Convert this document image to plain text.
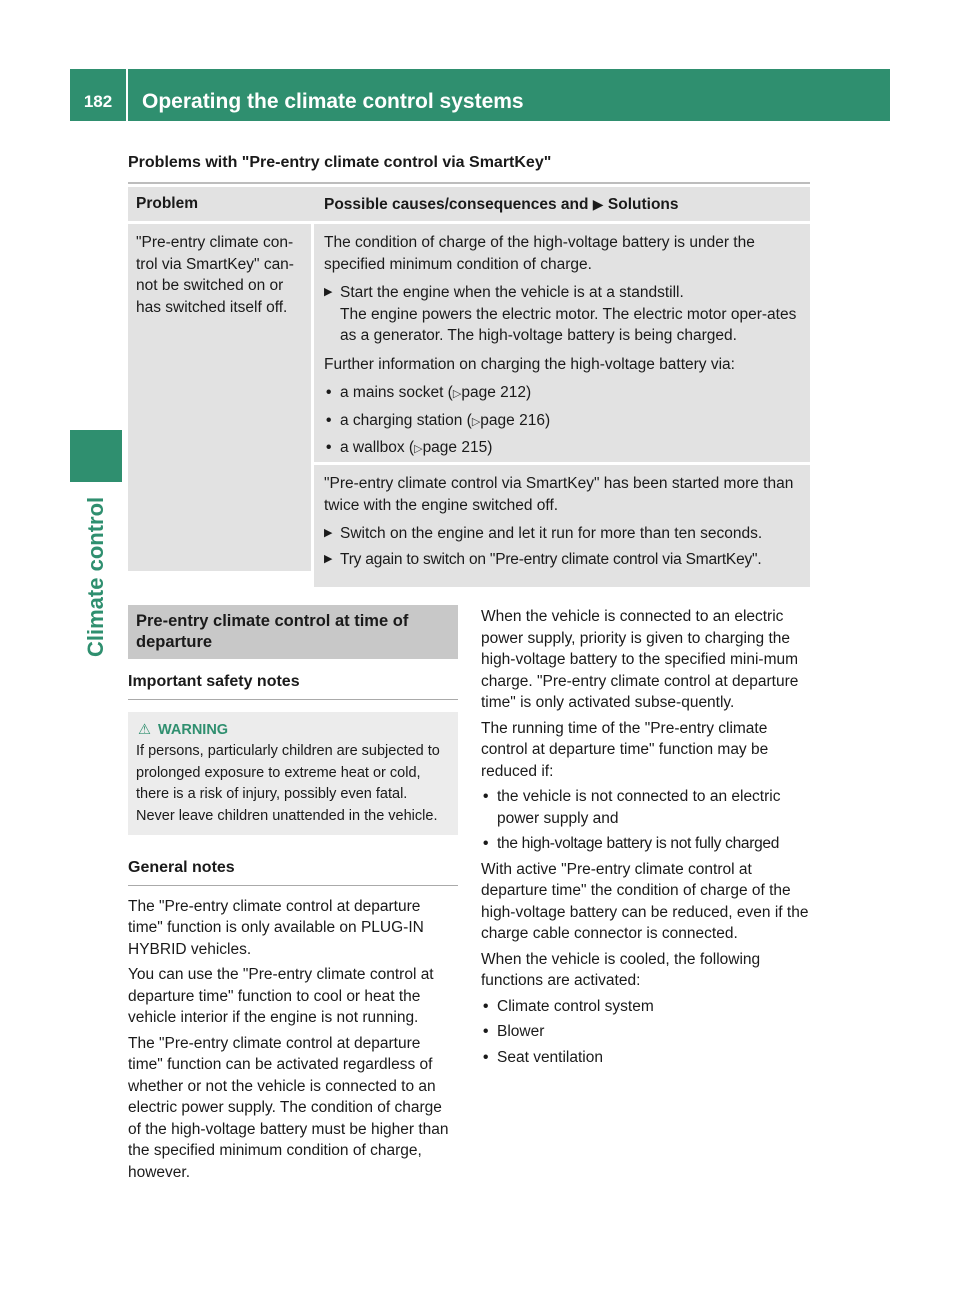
182	Operating the climate control systems
Climate control
Problems with "Pre-entry climate control via SmartKey"
Problem	Possible causes/consequences and ▶ Solutions
"Pre-entry climate con-trol via SmartKey" can-not be switched on or has switched itself off.

The condition of charge of the high-voltage battery is under the specified minimum condition of charge.

▶ Start the engine when the vehicle is at a standstill.
The engine powers the electric motor. The electric motor oper-ates as a generator. The high-voltage battery is being charged.

Further information on charging the high-voltage battery via:

• a mains socket (▷page 212)
• a charging station (▷page 216)
• a wallbox (▷page 215)

"Pre-entry climate control via SmartKey" has been started more than twice with the engine switched off.

▶ Switch on the engine and let it run for more than ten seconds.
▶ Try again to switch on "Pre-entry climate control via SmartKey".
Pre-entry climate control at time of departure
Important safety notes
⚠ WARNING
If persons, particularly children are subjected to prolonged exposure to extreme heat or cold, there is a risk of injury, possibly even fatal. Never leave children unattended in the vehicle.
General notes

The "Pre-entry climate control at departure time" function is only available on PLUG-IN HYBRID vehicles.

You can use the "Pre-entry climate control at departure time" function to cool or heat the vehicle interior if the engine is not running.

The "Pre-entry climate control at departure time" function can be activated regardless of whether or not the vehicle is connected to an electric power supply. The condition of charge of the high-voltage battery must be higher than the specified minimum condition of charge, however.

When the vehicle is connected to an electric power supply, priority is given to charging the high-voltage battery to the specified mini-mum charge. "Pre-entry climate control at departure time" is only activated subse-quently.

The running time of the "Pre-entry climate control at departure time" function may be reduced if:

• the vehicle is not connected to an electric power supply and
• the high-voltage battery is not fully charged

With active "Pre-entry climate control at departure time" the condition of charge of the high-voltage battery can be reduced, even if the charge cable connector is connected.

When the vehicle is cooled, the following functions are activated:

• Climate control system
• Blower
• Seat ventilation
